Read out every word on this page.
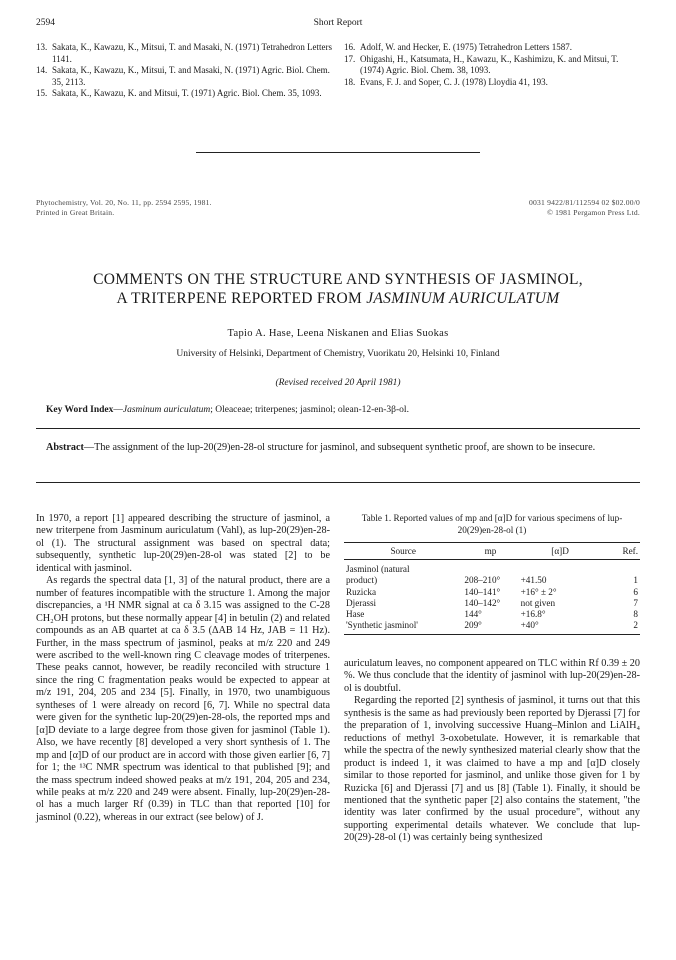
2594	Short Report
13. Sakata, K., Kawazu, K., Mitsui, T. and Masaki, N. (1971) Tetrahedron Letters 1141.
14. Sakata, K., Kawazu, K., Mitsui, T. and Masaki, N. (1971) Agric. Biol. Chem. 35, 2113.
15. Sakata, K., Kawazu, K. and Mitsui, T. (1971) Agric. Biol. Chem. 35, 1093.
16. Adolf, W. and Hecker, E. (1975) Tetrahedron Letters 1587.
17. Ohigashi, H., Katsumata, H., Kawazu, K., Kashimizu, K. and Mitsui, T. (1974) Agric. Biol. Chem. 38, 1093.
18. Evans, F. J. and Soper, C. J. (1978) Lloydia 41, 193.
Phytochemistry, Vol. 20, No. 11, pp. 2594 2595, 1981.
Printed in Great Britain.
0031 9422/81/112594 02 $02.00/0
© 1981 Pergamon Press Ltd.
COMMENTS ON THE STRUCTURE AND SYNTHESIS OF JASMINOL,
A TRITERPENE REPORTED FROM JASMINUM AURICULATUM
Tapio A. Hase, Leena Niskanen and Elias Suokas
University of Helsinki, Department of Chemistry, Vuorikatu 20, Helsinki 10, Finland
(Revised received 20 April 1981)
Key Word Index—Jasminum auriculatum; Oleaceae; triterpenes; jasminol; olean-12-en-3β-ol.
Abstract—The assignment of the lup-20(29)en-28-ol structure for jasminol, and subsequent synthetic proof, are shown to be insecure.

In 1970, a report [1] appeared describing the structure of jasminol, a new triterpene from Jasminum auriculatum (Vahl), as lup-20(29)en-28-ol (1). The structural assignment was based on spectral data; subsequently, synthetic lup-20(29)en-28-ol was stated [2] to be identical with jasminol.

As regards the spectral data [1, 3] of the natural product, there are a number of features incompatible with the structure 1. Among the major discrepancies, a ¹H NMR signal at ca δ 3.15 was assigned to the C-28 CH₂OH protons, but these normally appear [4] in betulin (2) and related compounds as an AB quartet at ca δ 3.5 (ΔAB 14 Hz, JAB = 11 Hz). Further, in the mass spectrum of jasminol, peaks at m/z 220 and 249 were ascribed to the well-known ring C cleavage modes of triterpenes. These peaks cannot, however, be readily reconciled with structure 1 since the ring C fragmentation peaks would be expected to appear at m/z 191, 204, 205 and 234 [5]. Finally, in 1970, two unambiguous syntheses of 1 were already on record [6, 7]. While no spectral data were given for the synthetic lup-20(29)en-28-ols, the reported mps and [α]D deviate to a large degree from those given for jasminol (Table 1). Also, we have recently [8] developed a very short synthesis of 1. The mp and [α]D of our product are in accord with those given earlier [6, 7] for 1; the ¹³C NMR spectrum was identical to that published [9]; and the mass spectrum indeed showed peaks at m/z 191, 204, 205 and 234, while peaks at m/z 220 and 249 were absent. Finally, lup-20(29)en-28-ol has a much larger Rf (0.39) in TLC than that reported [10] for jasminol (0.22), whereas in our extract (see below) of J.

Table 1. Reported values of mp and [α]D for various specimens of lup-20(29)en-28-ol (1)
Source	mp	[α]D	Ref.
Jasminol (natural			
product)	208–210°	+41.50	1
Ruzicka	140–141°	+16° ± 2°	6
Djerassi	140–142°	not given	7
Hase	144°	+16.8°	8
'Synthetic jasminol'	209°	+40°	2

auriculatum leaves, no component appeared on TLC within Rf 0.39 ± 20 %. We thus conclude that the identity of jasminol with lup-20(29)en-28-ol is doubtful.

Regarding the reported [2] synthesis of jasminol, it turns out that this synthesis is the same as had previously been reported by Djerassi [7] for the preparation of 1, involving successive Huang–Minlon and LiAlH₄ reductions of methyl 3-oxobetulate. However, it is remarkable that while the spectra of the newly synthesized material clearly show that the product is indeed 1, it was claimed to have a mp and [α]D closely similar to those reported for jasminol, and unlike those given for 1 by Ruzicka [6] and Djerassi [7] and us [8] (Table 1). Finally, it should be mentioned that the synthetic paper [2] also contains the statement, "the identity was later confirmed by the usual procedure", without any supporting experimental details whatever. We conclude that lup-20(29)-28-ol (1) was certainly being synthesized
